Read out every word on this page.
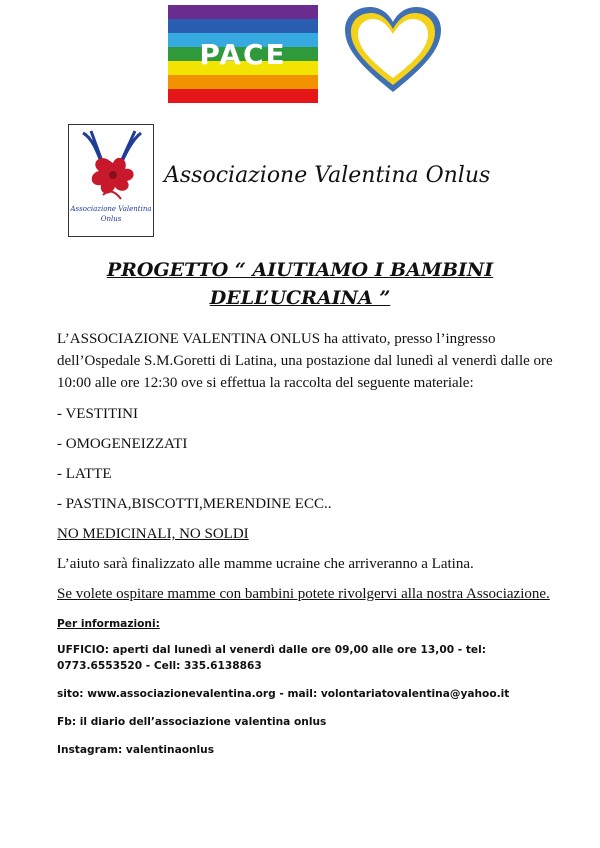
PACE
Associazione Valentina
Onlus
Associazione Valentina Onlus
PROGETTO “ AIUTIAMO I BAMBINI
DELL’UCRAINA ”

L’ASSOCIAZIONE VALENTINA ONLUS ha attivato, presso l’ingresso dell’Ospedale S.M.Goretti di Latina, una postazione dal lunedì al venerdì dalle ore 10:00 alle ore 12:30 ove si effettua la raccolta del seguente materiale:

- VESTITINI

- OMOGENEIZZATI

- LATTE

- PASTINA,BISCOTTI,MERENDINE ECC..

NO MEDICINALI, NO SOLDI

L’aiuto sarà finalizzato alle mamme ucraine che arriveranno a Latina.

Se volete ospitare mamme con bambini potete rivolgervi alla nostra Associazione.

Per informazioni:

UFFICIO: aperti dal lunedì al venerdì dalle ore 09,00 alle ore 13,00 - tel: 0773.6553520 - Cell: 335.6138863

sito: www.associazionevalentina.org - mail: volontariatovalentina@yahoo.it

Fb: il diario dell’associazione valentina onlus

Instagram: valentinaonlus
